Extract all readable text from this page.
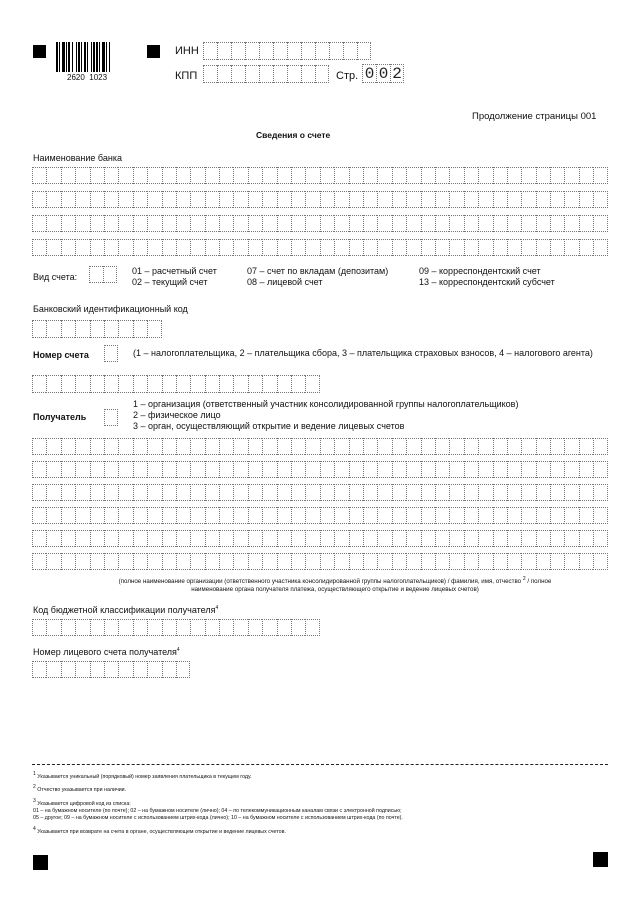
2620  1023
ИНН
КПП	Стр. 0 0 2
Продолжение страницы 001
Сведения о счете
Наименование банка
Вид счета:
01 – расчетный счет
02 – текущий счет
07 – счет по вкладам (депозитам)
08 – лицевой счет
09 – корреспондентский счет
13 – корреспондентский субсчет
Банковский идентификационный код
Номер счета	(1 – налогоплательщика, 2 – плательщика сбора, 3 – плательщика страховых взносов, 4 – налогового агента)
Получатель
1 – организация (ответственный участник консолидированной группы налогоплательщиков)
2 – физическое лицо
3 – орган, осуществляющий открытие и ведение лицевых счетов
(полное наименование организации (ответственного участника консолидированной группы налогоплательщиков) / фамилия, имя, отчество $^2$ / полное
наименование органа получателя платежа, осуществляющего открытие и ведение лицевых счетов)
Код бюджетной классификации получателя$^4$
Номер лицевого счета получателя$^4$
$^1$ Указывается уникальный (порядковый) номер заявления плательщика в текущем году.
$^2$ Отчество указывается при наличии.
$^3$ Указывается цифровой код из списка:
01 – на бумажном носителе (по почте); 02 – на бумажном носителе (лично); 04 – по телекоммуникационным каналам связи с электронной подписью;
05 – другое; 09 – на бумажном носителе с использованием штрих-кода (лично); 10 – на бумажном носителе с использованием штрих-кода (по почте).
$^4$ Указывается при возврате на счета в органе, осуществляющем открытие и ведение лицевых счетов.
